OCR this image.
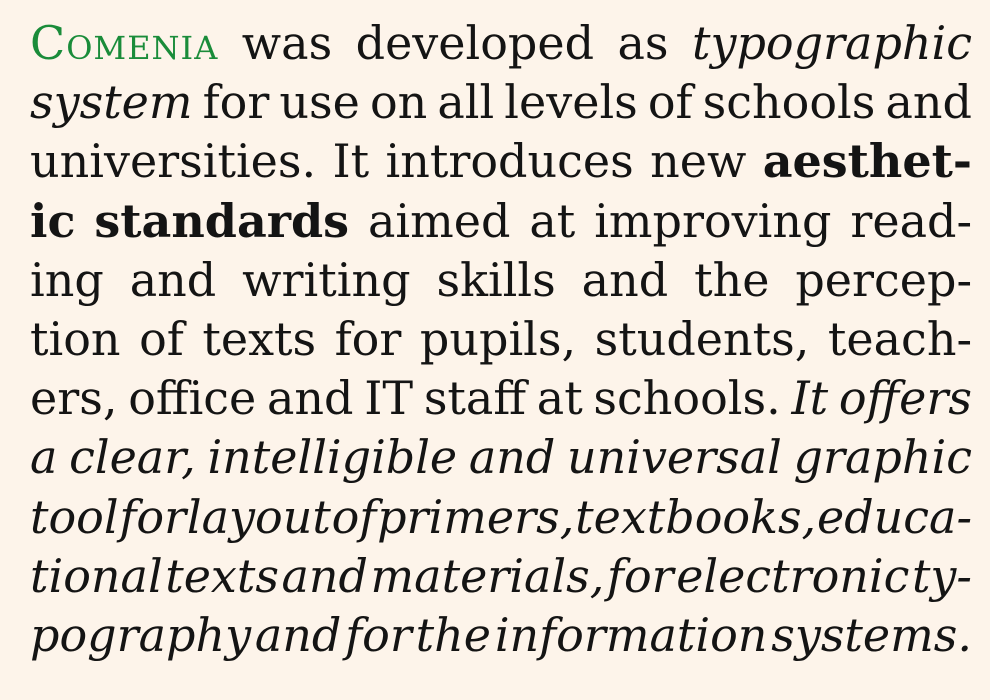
Comenia was developed as typographic
system for use on all levels of schools and
universities. It introduces new aesthet-
ic standards aimed at improving read-
ing and writing skills and the percep-
tion of texts for pupils, students, teach-
ers, office and IT staff at schools. It offers
a clear, intelligible and universal graphic
tool for layout of primers, textbooks, educa-
tional texts and materials, for electronic ty-
pography and for the information systems.
